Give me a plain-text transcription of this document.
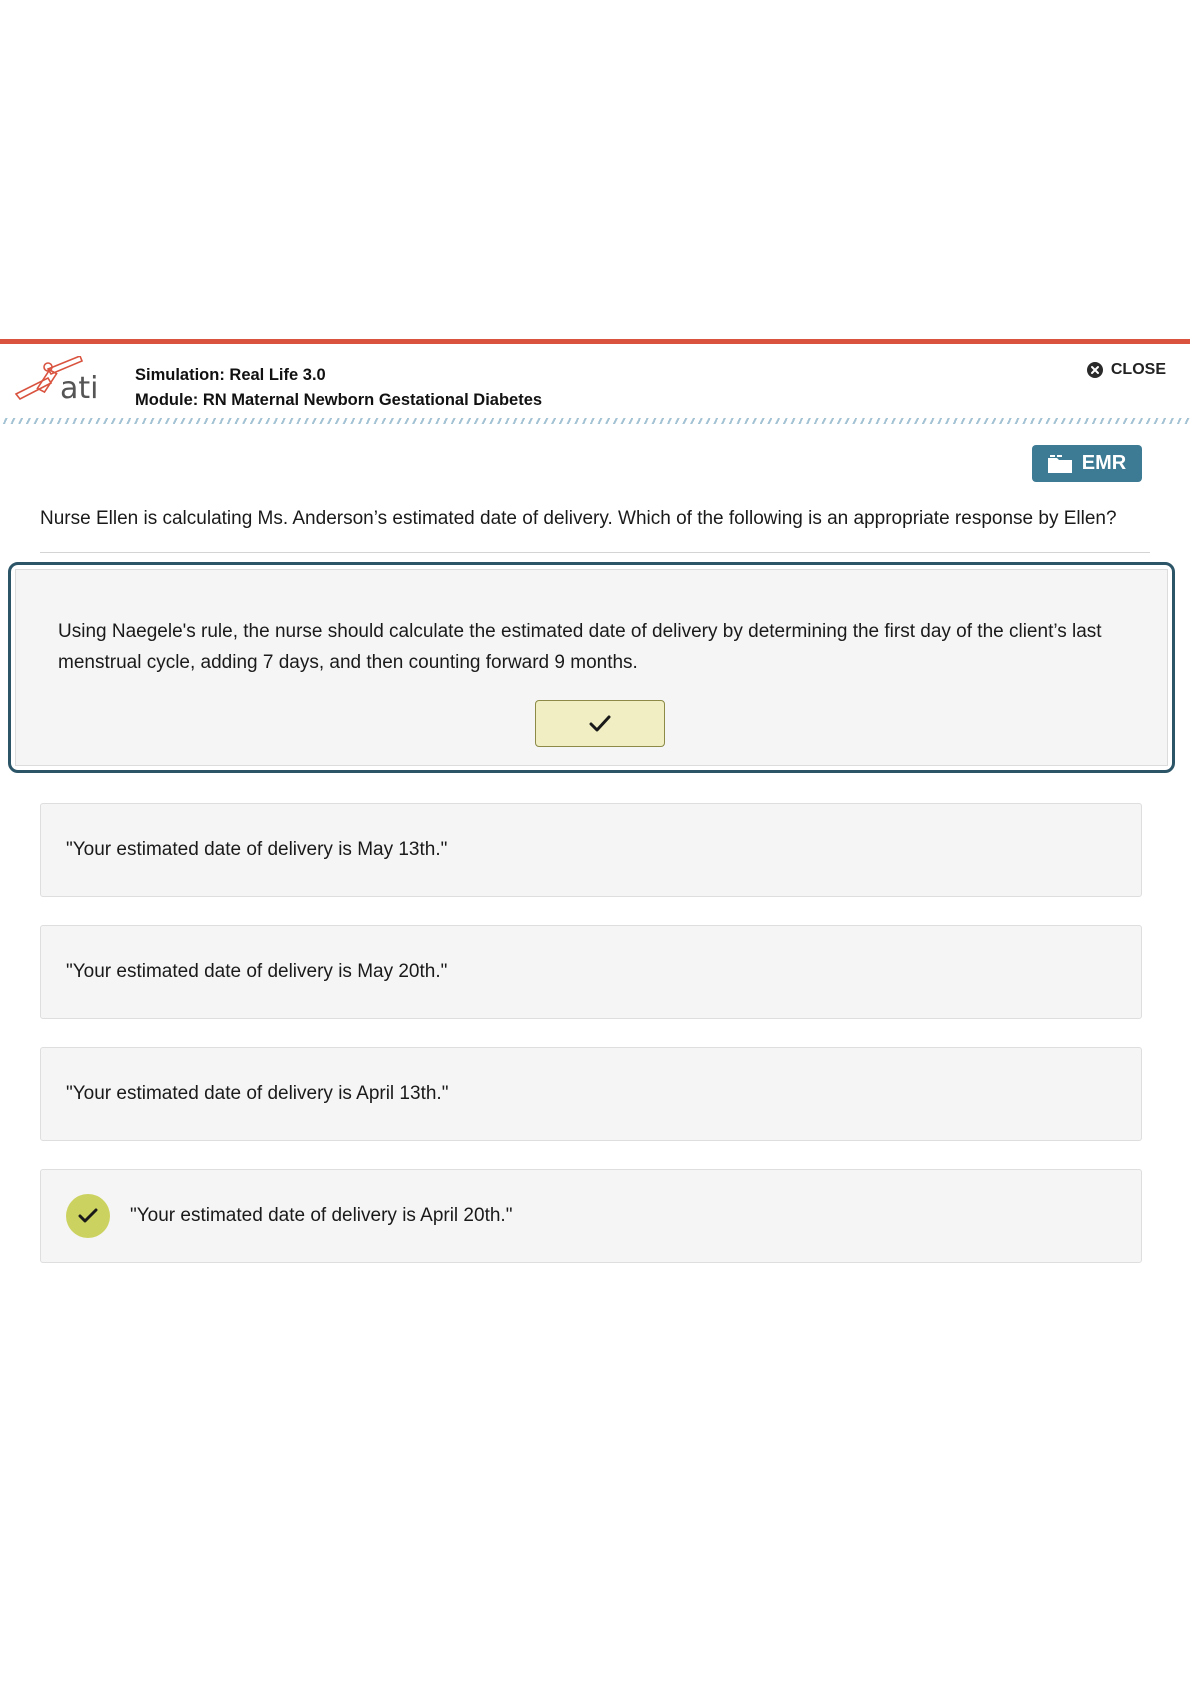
ati Simulation: Real Life 3.0
Module: RN Maternal Newborn Gestational Diabetes
CLOSE
EMR
Nurse Ellen is calculating Ms. Anderson’s estimated date of delivery. Which of the following is an appropriate response by Ellen?
Using Naegele's rule, the nurse should calculate the estimated date of delivery by determining the first day of the client’s last menstrual cycle, adding 7 days, and then counting forward 9 months.
"Your estimated date of delivery is May 13th."
"Your estimated date of delivery is May 20th."
"Your estimated date of delivery is April 13th."
"Your estimated date of delivery is April 20th."
